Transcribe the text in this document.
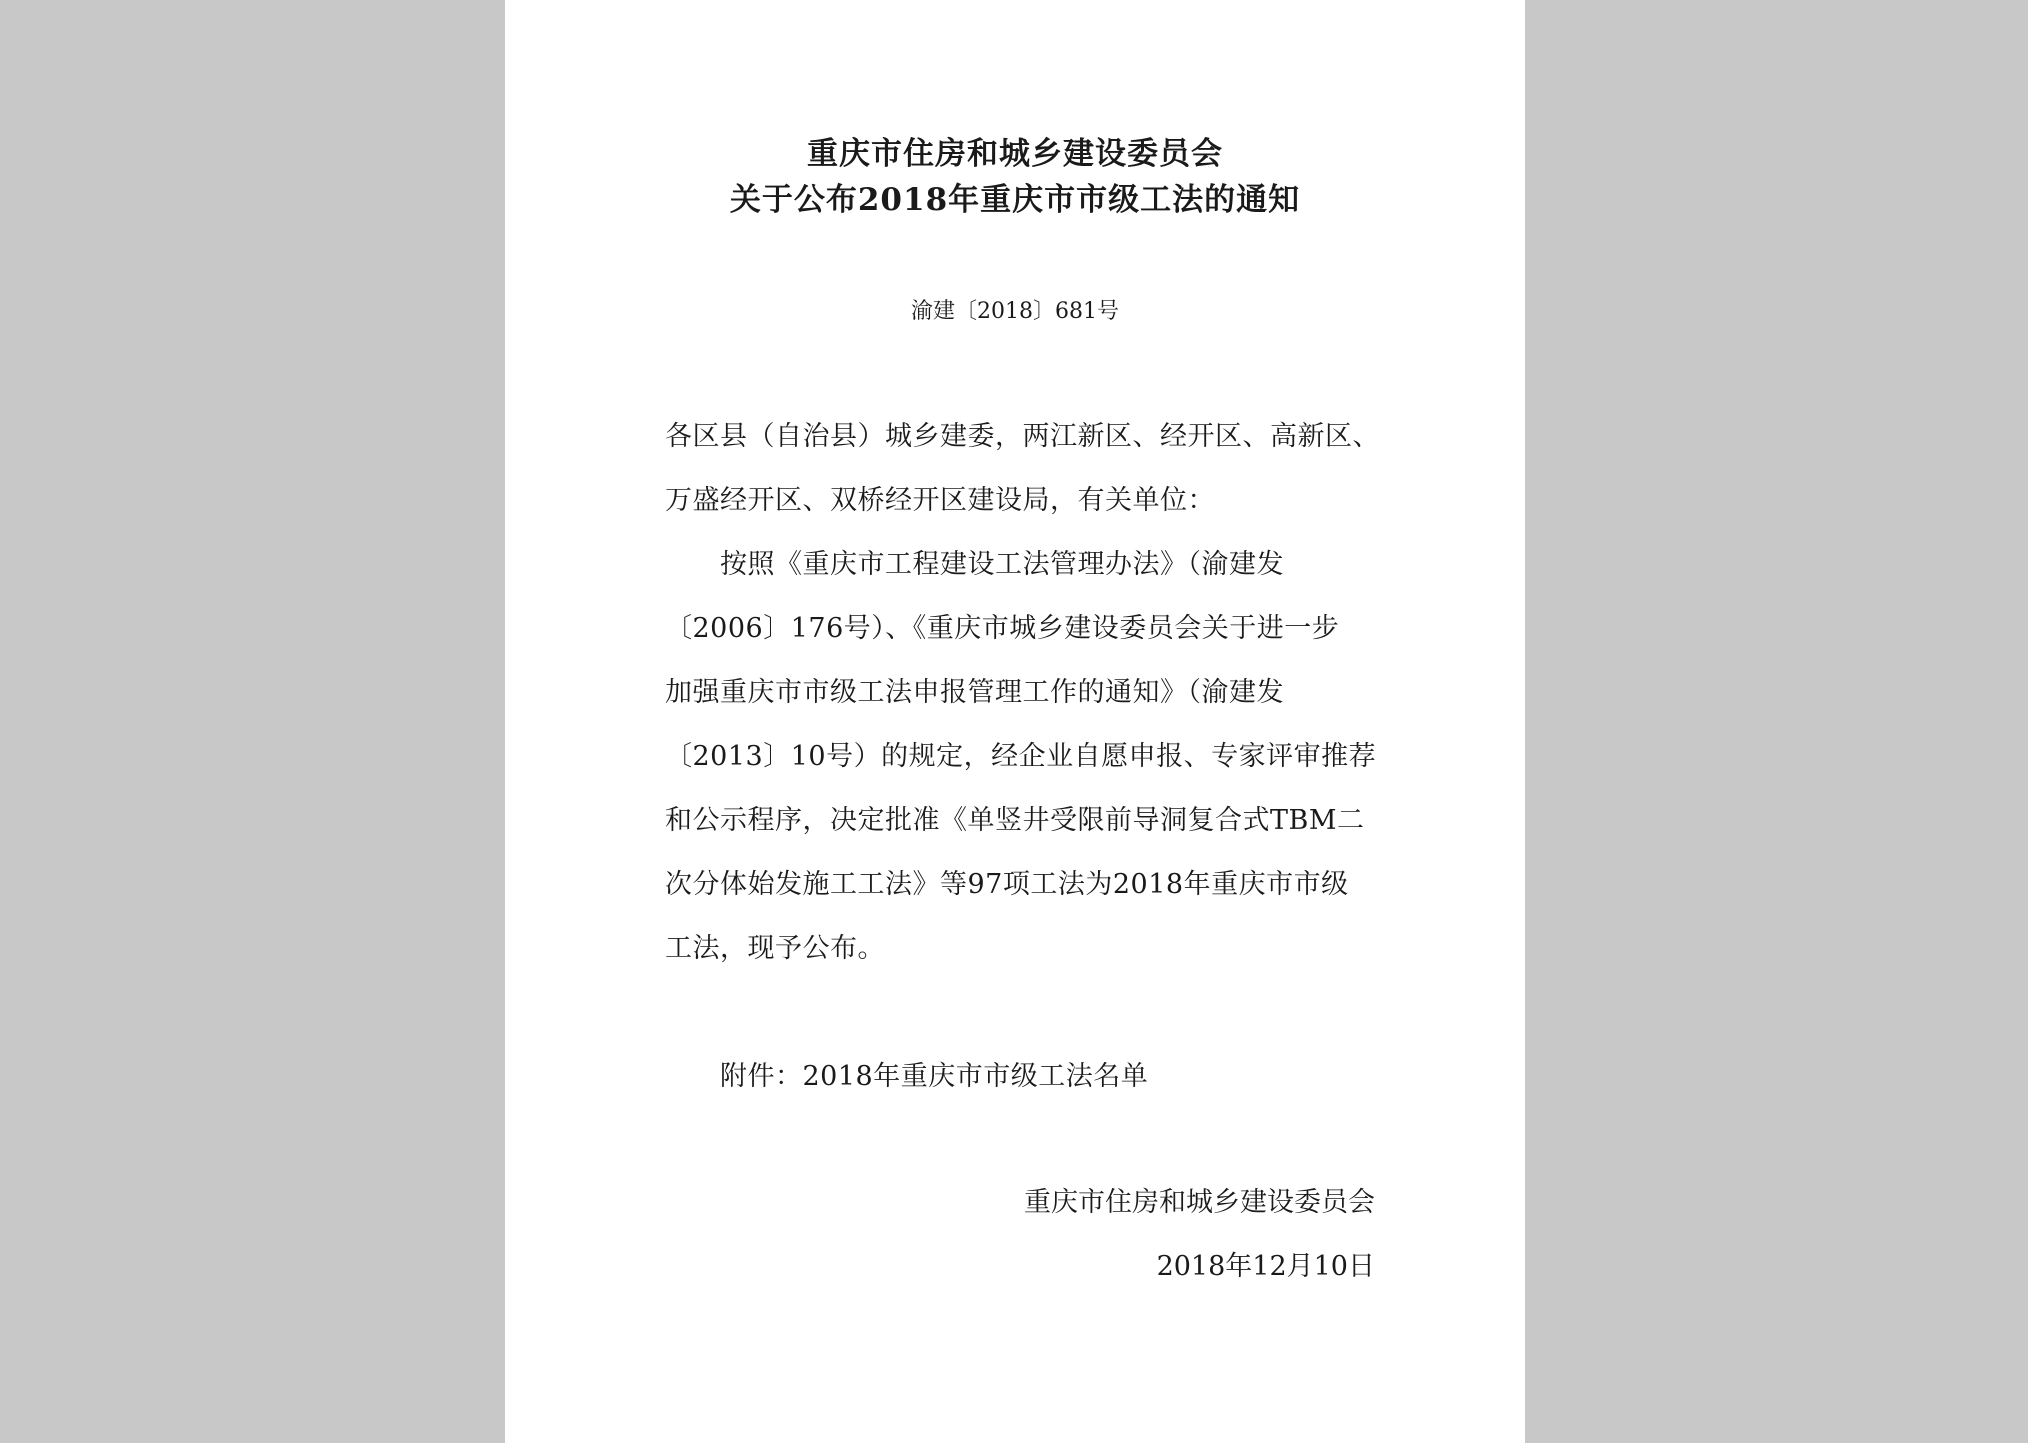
重庆市住房和城乡建设委员会
关于公布2018年重庆市市级工法的通知
渝建〔2018〕681号
各区县（自治县）城乡建委，两江新区、经开区、高新区、
万盛经开区、双桥经开区建设局，有关单位：
按照《重庆市工程建设工法管理办法》（渝建发
〔2006〕176号）、《重庆市城乡建设委员会关于进一步
加强重庆市市级工法申报管理工作的通知》（渝建发
〔2013〕10号）的规定，经企业自愿申报、专家评审推荐
和公示程序，决定批准《单竖井受限前导洞复合式TBM二
次分体始发施工工法》等97项工法为2018年重庆市市级
工法，现予公布。
附件：2018年重庆市市级工法名单
重庆市住房和城乡建设委员会
2018年12月10日
